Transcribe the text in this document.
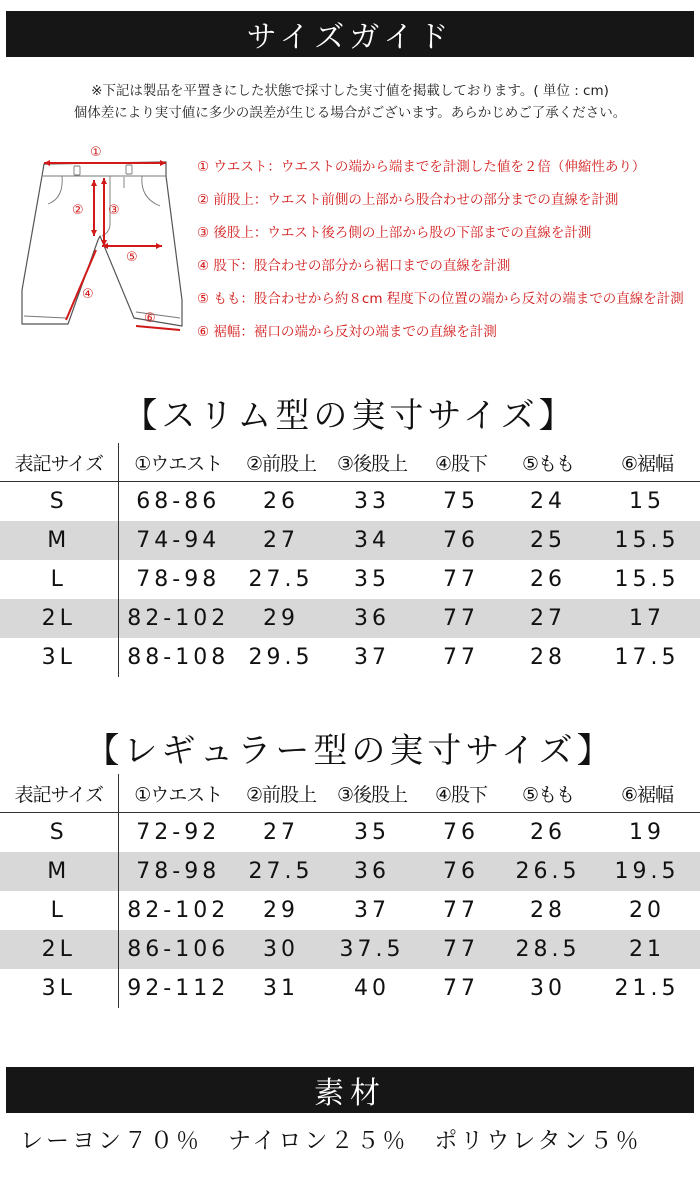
サイズガイド
※下記は製品を平置きにした状態で採寸した実寸値を掲載しております。( 単位 : cm)
個体差により実寸値に多少の誤差が生じる場合がございます。あらかじめご了承ください。
①
② ③
④
⑤
⑥
① ウエスト：ウエストの端から端までを計測した値を２倍（伸縮性あり）
② 前股上：ウエスト前側の上部から股合わせの部分までの直線を計測
③ 後股上：ウエスト後ろ側の上部から股の下部までの直線を計測
④ 股下：股合わせの部分から裾口までの直線を計測
⑤ もも：股合わせから約８cm 程度下の位置の端から反対の端までの直線を計測
⑥ 裾幅：裾口の端から反対の端までの直線を計測
【スリム型の実寸サイズ】
表記サイズ	①ウエスト	②前股上	③後股上	④股下	⑤もも	⑥裾幅
S	68-86	26	33	75	24	15
M	74-94	27	34	76	25	15.5
L	78-98	27.5	35	77	26	15.5
2L	82-102	29	36	77	27	17
3L	88-108	29.5	37	77	28	17.5
【レギュラー型の実寸サイズ】
表記サイズ	①ウエスト	②前股上	③後股上	④股下	⑤もも	⑥裾幅
S	72-92	27	35	76	26	19
M	78-98	27.5	36	76	26.5	19.5
L	82-102	29	37	77	28	20
2L	86-106	30	37.5	77	28.5	21
3L	92-112	31	40	77	30	21.5
素材
レーヨン７０％　ナイロン２５％　ポリウレタン５％
